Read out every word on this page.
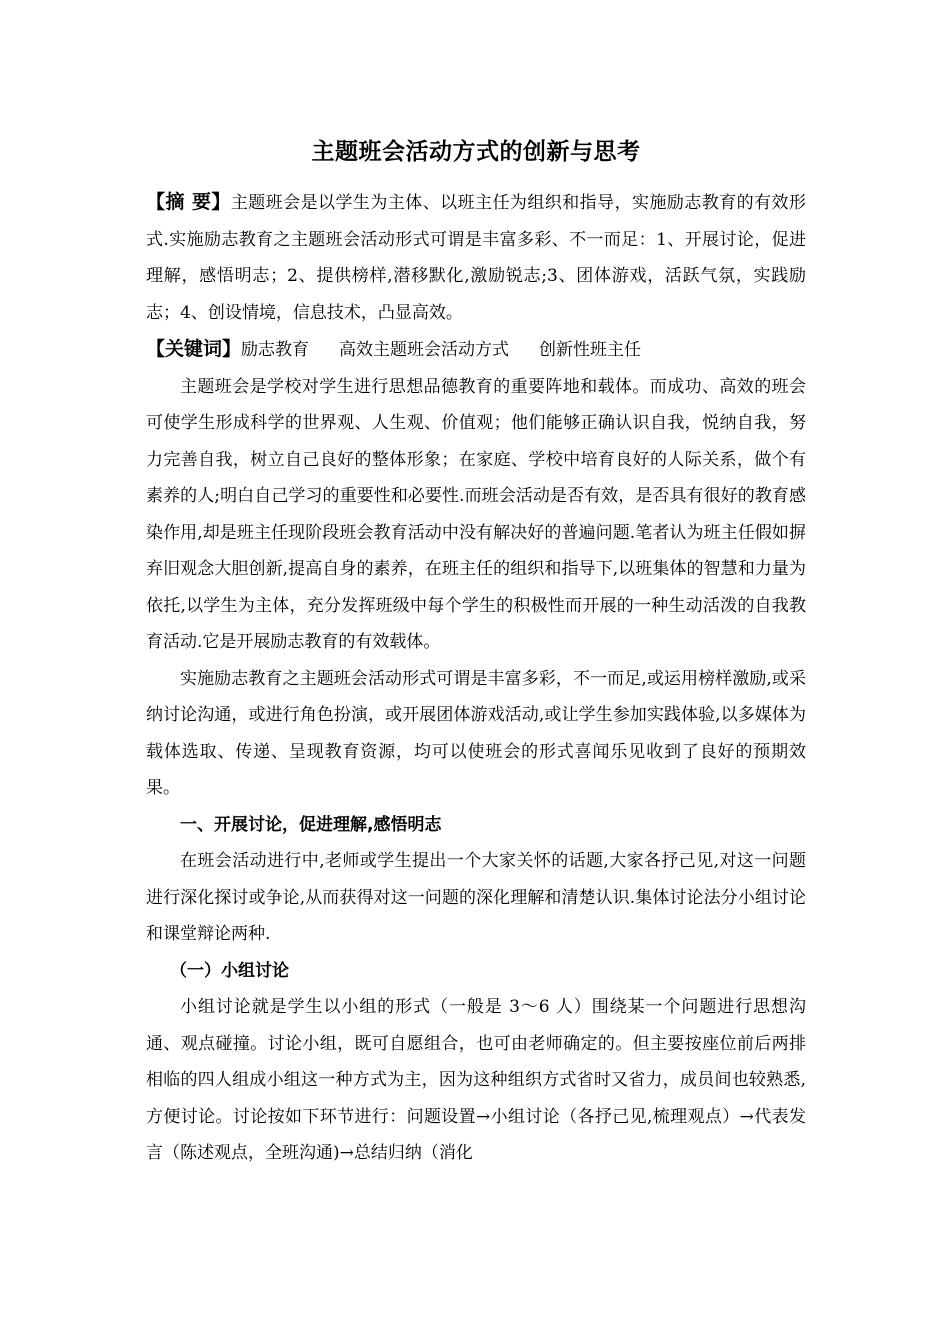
主题班会活动方式的创新与思考

【摘 要】主题班会是以学生为主体、以班主任为组织和指导，实施励志教育的有效形式.实施励志教育之主题班会活动形式可谓是丰富多彩、不一而足：1、开展讨论，促进理解，感悟明志；2、提供榜样,潜移默化,激励锐志;3、团体游戏，活跃气氛，实践励志；4、创设情境，信息技术，凸显高效。

【关键词】励志教育 高效主题班会活动方式 创新性班主任

主题班会是学校对学生进行思想品德教育的重要阵地和载体。而成功、高效的班会可使学生形成科学的世界观、人生观、价值观；他们能够正确认识自我，悦纳自我，努力完善自我，树立自己良好的整体形象；在家庭、学校中培育良好的人际关系，做个有素养的人;明白自己学习的重要性和必要性.而班会活动是否有效，是否具有很好的教育感染作用,却是班主任现阶段班会教育活动中没有解决好的普遍问题.笔者认为班主任假如摒弃旧观念大胆创新,提高自身的素养，在班主任的组织和指导下,以班集体的智慧和力量为依托,以学生为主体，充分发挥班级中每个学生的积极性而开展的一种生动活泼的自我教育活动.它是开展励志教育的有效载体。

实施励志教育之主题班会活动形式可谓是丰富多彩，不一而足,或运用榜样激励,或采纳讨论沟通，或进行角色扮演，或开展团体游戏活动,或让学生参加实践体验,以多媒体为载体选取、传递、呈现教育资源，均可以使班会的形式喜闻乐见收到了良好的预期效果。

一、开展讨论，促进理解,感悟明志

在班会活动进行中,老师或学生提出一个大家关怀的话题,大家各抒己见,对这一问题进行深化探讨或争论,从而获得对这一问题的深化理解和清楚认识.集体讨论法分小组讨论和课堂辩论两种.

（一）小组讨论

小组讨论就是学生以小组的形式（一般是 3～6 人）围绕某一个问题进行思想沟通、观点碰撞。讨论小组，既可自愿组合，也可由老师确定的。但主要按座位前后两排相临的四人组成小组这一种方式为主，因为这种组织方式省时又省力，成员间也较熟悉,方便讨论。讨论按如下环节进行：问题设置→小组讨论（各抒己见,梳理观点）→代表发言（陈述观点，全班沟通)→总结归纳（消化
